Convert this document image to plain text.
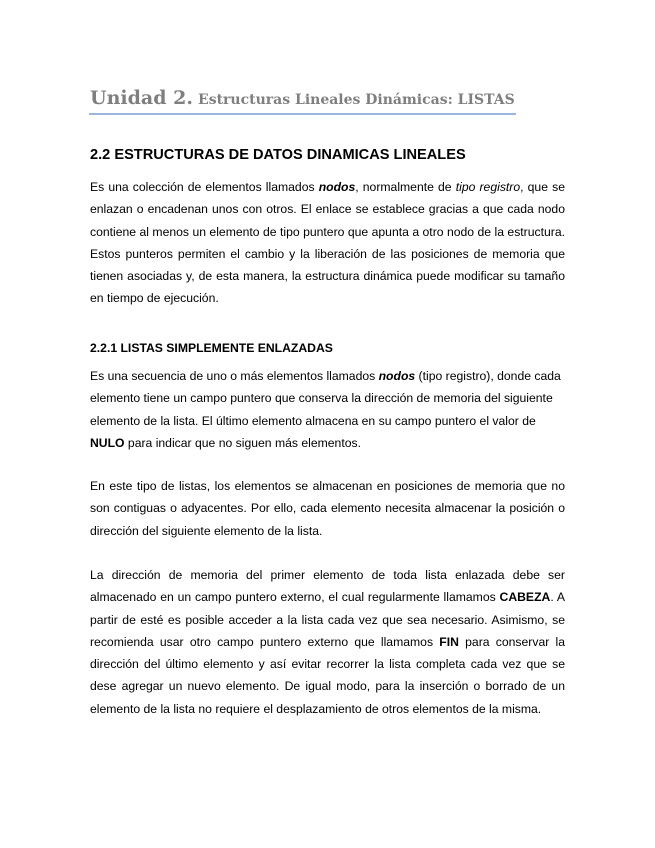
Unidad 2. Estructuras Lineales Dinámicas: LISTAS
2.2 ESTRUCTURAS DE DATOS DINAMICAS LINEALES

Es una colección de elementos llamados nodos, normalmente de tipo registro, que se enlazan o encadenan unos con otros. El enlace se establece gracias a que cada nodo contiene al menos un elemento de tipo puntero que apunta a otro nodo de la estructura. Estos punteros permiten el cambio y la liberación de las posiciones de memoria que tienen asociadas y, de esta manera, la estructura dinámica puede modificar su tamaño en tiempo de ejecución.

2.2.1 LISTAS SIMPLEMENTE ENLAZADAS

Es una secuencia de uno o más elementos llamados nodos (tipo registro), donde cada elemento tiene un campo puntero que conserva la dirección de memoria del siguiente elemento de la lista. El último elemento almacena en su campo puntero el valor de NULO para indicar que no siguen más elementos.

En este tipo de listas, los elementos se almacenan en posiciones de memoria que no son contiguas o adyacentes. Por ello, cada elemento necesita almacenar la posición o dirección del siguiente elemento de la lista.

La dirección de memoria del primer elemento de toda lista enlazada debe ser almacenado en un campo puntero externo, el cual regularmente llamamos CABEZA. A partir de esté es posible acceder a la lista cada vez que sea necesario. Asimismo, se recomienda usar otro campo puntero externo que llamamos FIN para conservar la dirección del último elemento y así evitar recorrer la lista completa cada vez que se dese agregar un nuevo elemento. De igual modo, para la inserción o borrado de un elemento de la lista no requiere el desplazamiento de otros elementos de la misma.
